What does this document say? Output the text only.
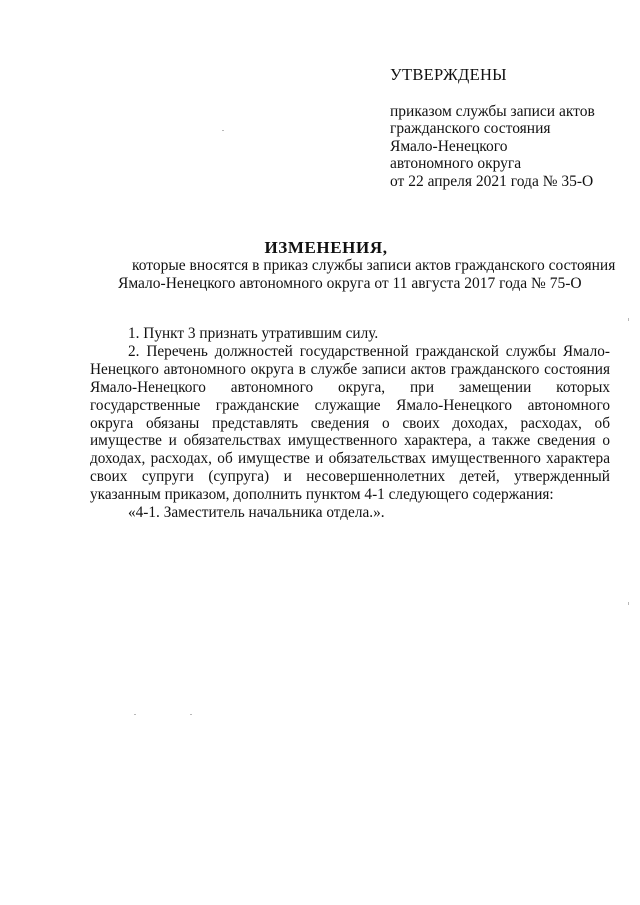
УТВЕРЖДЕНЫ
приказом службы записи актов
гражданского состояния
Ямало-Ненецкого
автономного округа
от 22 апреля 2021 года № 35-О
ИЗМЕНЕНИЯ,
которые вносятся в приказ службы записи актов гражданского состояния
Ямало-Ненецкого автономного округа от 11 августа 2017 года № 75-О

1. Пункт 3 признать утратившим силу.

2. Перечень должностей государственной гражданской службы Ямало-Ненецкого автономного округа в службе записи актов гражданского состояния Ямало-Ненецкого автономного округа, при замещении которых государственные гражданские служащие Ямало-Ненецкого автономного округа обязаны представлять сведения о своих доходах, расходах, об имуществе и обязательствах имущественного характера, а также сведения о доходах, расходах, об имуществе и обязательствах имущественного характера своих супруги (супруга) и несовершеннолетних детей, утвержденный указанным приказом, дополнить пунктом 4-1 следующего содержания:

«4-1. Заместитель начальника отдела.».
